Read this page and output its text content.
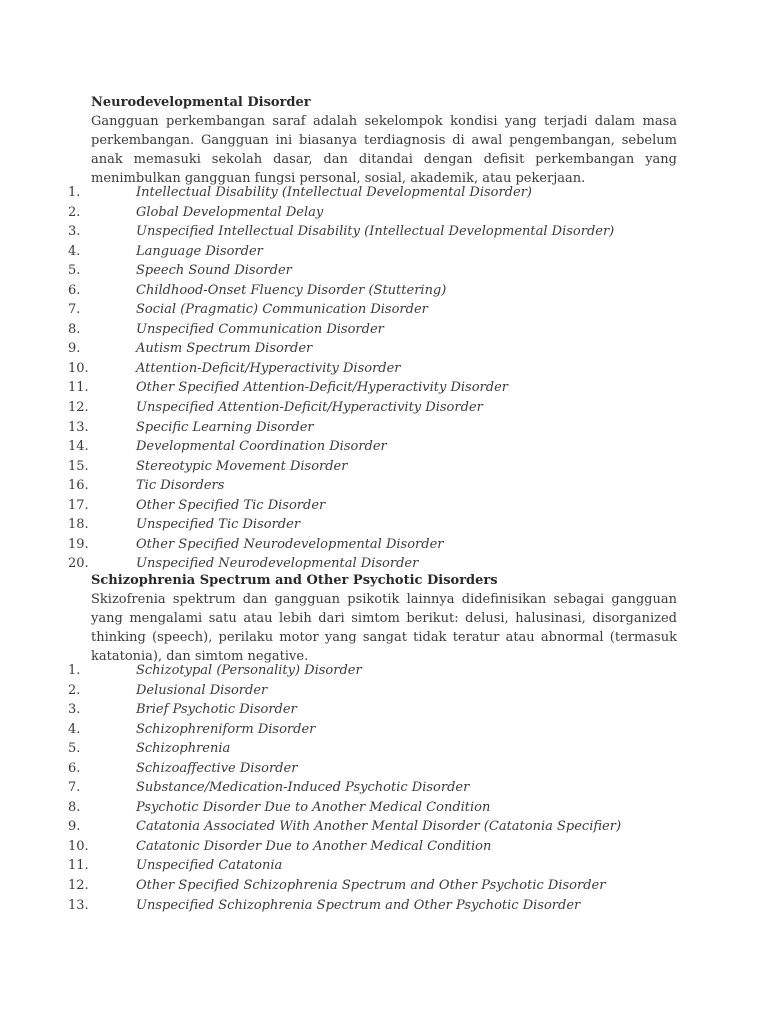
Neurodevelopmental Disorder

Gangguan perkembangan saraf adalah sekelompok kondisi yang terjadi dalam masa perkembangan. Gangguan ini biasanya terdiagnosis di awal pengembangan, sebelum anak memasuki sekolah dasar, dan ditandai dengan defisit perkembangan yang menimbulkan gangguan fungsi personal, sosial, akademik, atau pekerjaan.

1.	Intellectual Disability (Intellectual Developmental Disorder)
2.	Global Developmental Delay
3.	Unspecified Intellectual Disability (Intellectual Developmental Disorder)
4.	Language Disorder
5.	Speech Sound Disorder
6.	Childhood-Onset Fluency Disorder (Stuttering)
7.	Social (Pragmatic) Communication Disorder
8.	Unspecified Communication Disorder
9.	Autism Spectrum Disorder
10.	Attention-Deficit/Hyperactivity Disorder
11.	Other Specified Attention-Deficit/Hyperactivity Disorder
12.	Unspecified Attention-Deficit/Hyperactivity Disorder
13.	Specific Learning Disorder
14.	Developmental Coordination Disorder
15.	Stereotypic Movement Disorder
16.	Tic Disorders
17.	Other Specified Tic Disorder
18.	Unspecified Tic Disorder
19.	Other Specified Neurodevelopmental Disorder
20.	Unspecified Neurodevelopmental Disorder
Schizophrenia Spectrum and Other Psychotic Disorders

Skizofrenia spektrum dan gangguan psikotik lainnya didefinisikan sebagai gangguan yang mengalami satu atau lebih dari simtom berikut: delusi, halusinasi, disorganized thinking (speech), perilaku motor yang sangat tidak teratur atau abnormal (termasuk katatonia), dan simtom negative.

1.	Schizotypal (Personality) Disorder
2.	Delusional Disorder
3.	Brief Psychotic Disorder
4.	Schizophreniform Disorder
5.	Schizophrenia
6.	Schizoaffective Disorder
7.	Substance/Medication-Induced Psychotic Disorder
8.	Psychotic Disorder Due to Another Medical Condition
9.	Catatonia Associated With Another Mental Disorder (Catatonia Specifier)
10.	Catatonic Disorder Due to Another Medical Condition
11.	Unspecified Catatonia
12.	Other Specified Schizophrenia Spectrum and Other Psychotic Disorder
13.	Unspecified Schizophrenia Spectrum and Other Psychotic Disorder
